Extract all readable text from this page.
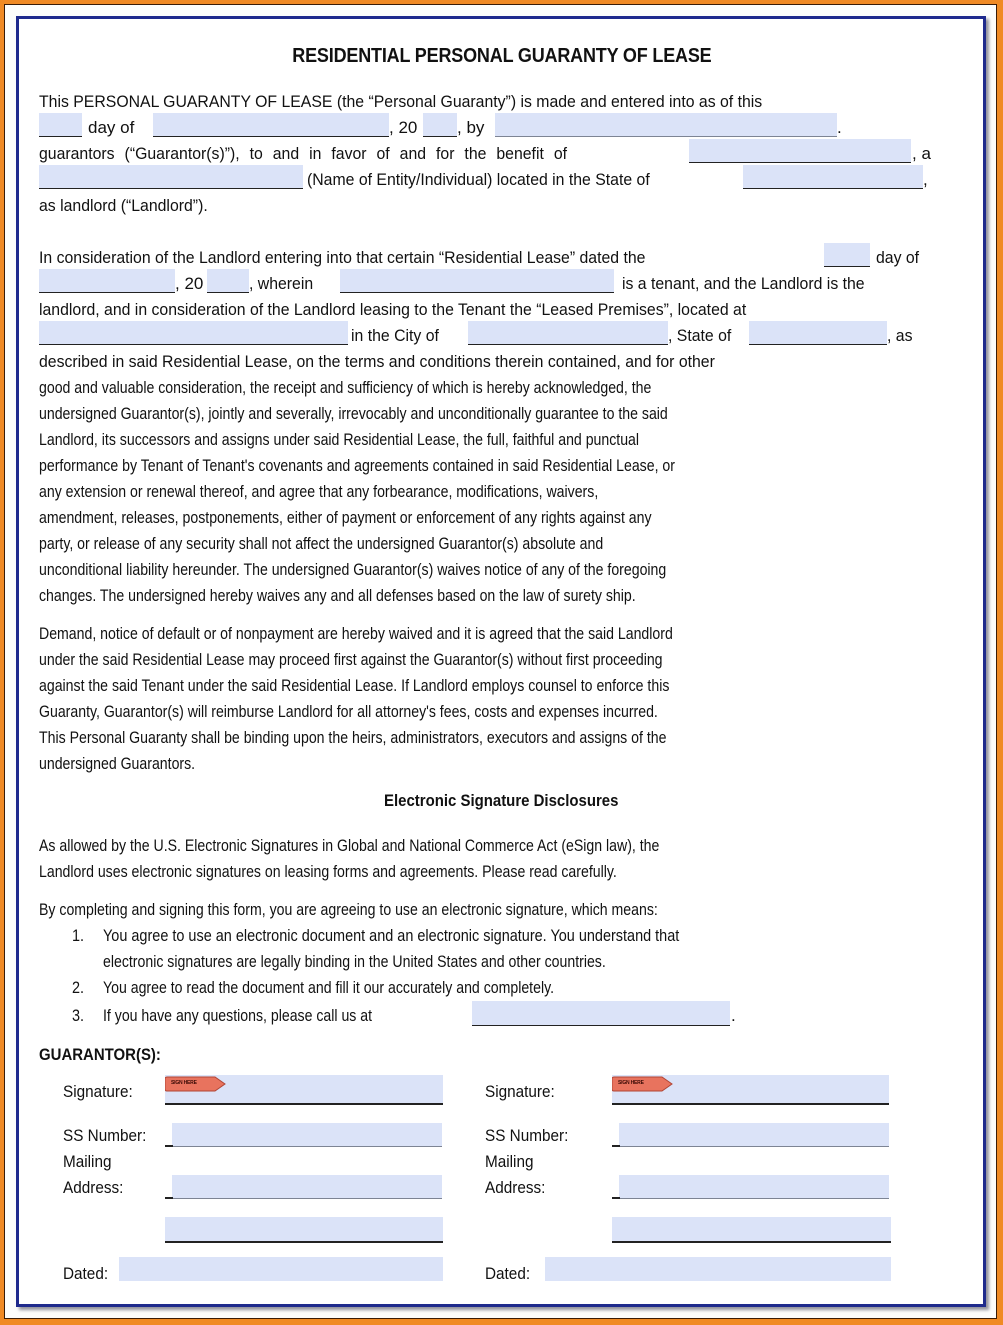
RESIDENTIAL PERSONAL GUARANTY OF LEASE
This PERSONAL GUARANTY OF LEASE (the “Personal Guaranty”) is made and entered into as of this
day of	, 20 , by	.
guarantors (“Guarantor(s)”), to and in favor of and for the benefit of	, a
(Name of Entity/Individual) located in the State of	,
as landlord (“Landlord”).
In consideration of the Landlord entering into that certain “Residential Lease” dated the	day of
, 20	, wherein	is a tenant, and the Landlord is the
landlord, and in consideration of the Landlord leasing to the Tenant the “Leased Premises”, located at
in the City of	, State of	, as
described in said Residential Lease, on the terms and conditions therein contained, and for other
good and valuable consideration, the receipt and sufficiency of which is hereby acknowledged, the
undersigned Guarantor(s), jointly and severally, irrevocably and unconditionally guarantee to the said
Landlord, its successors and assigns under said Residential Lease, the full, faithful and punctual
performance by Tenant of Tenant's covenants and agreements contained in said Residential Lease, or
any extension or renewal thereof, and agree that any forbearance, modifications, waivers,
amendment, releases, postponements, either of payment or enforcement of any rights against any
party, or release of any security shall not affect the undersigned Guarantor(s) absolute and
unconditional liability hereunder. The undersigned Guarantor(s) waives notice of any of the foregoing
changes. The undersigned hereby waives any and all defenses based on the law of surety ship.
Demand, notice of default or of nonpayment are hereby waived and it is agreed that the said Landlord
under the said Residential Lease may proceed first against the Guarantor(s) without first proceeding
against the said Tenant under the said Residential Lease. If Landlord employs counsel to enforce this
Guaranty, Guarantor(s) will reimburse Landlord for all attorney's fees, costs and expenses incurred.
This Personal Guaranty shall be binding upon the heirs, administrators, executors and assigns of the
undersigned Guarantors.
Electronic Signature Disclosures
As allowed by the U.S. Electronic Signatures in Global and National Commerce Act (eSign law), the
Landlord uses electronic signatures on leasing forms and agreements. Please read carefully.
By completing and signing this form, you are agreeing to use an electronic signature, which means:
1. You agree to use an electronic document and an electronic signature. You understand that
electronic signatures are legally binding in the United States and other countries.
2. You agree to read the document and fill it our accurately and completely.
3. If you have any questions, please call us at	.
GUARANTOR(S):
Signature:	SIGN HERE
SS Number:
Mailing
Address:
Dated:
Signature:	SIGN HERE
SS Number:
Mailing
Address:
Dated:
